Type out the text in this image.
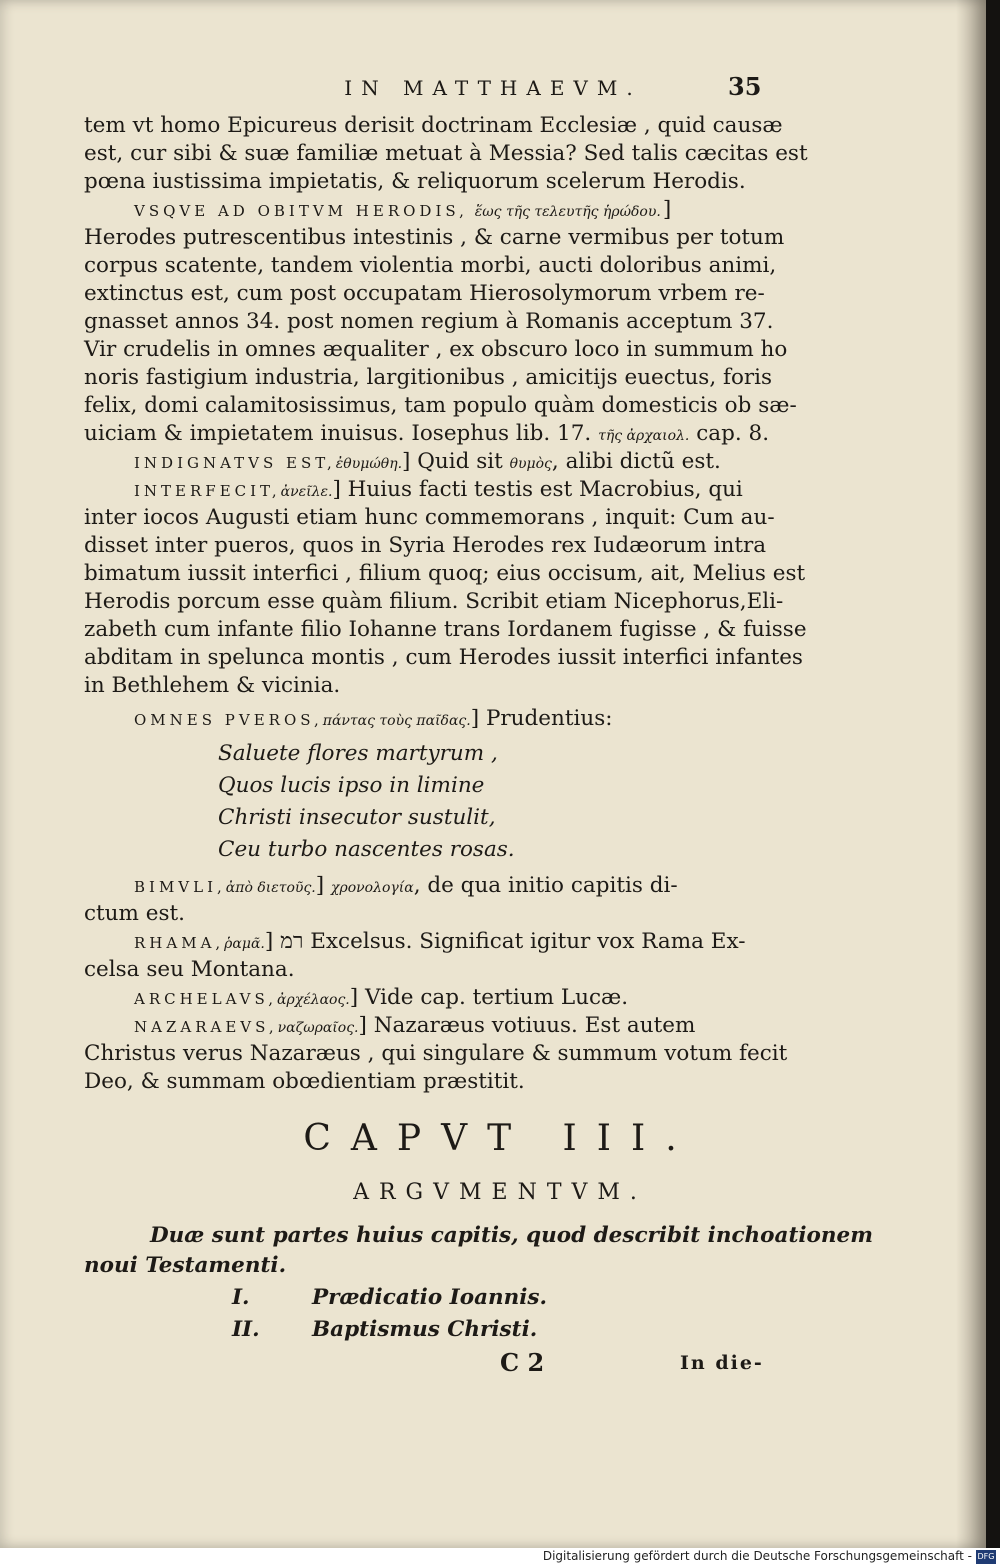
IN MATTHAEVM.	35
tem vt homo Epicureus derisit doctrinam Ecclesiæ , quid causæ
est, cur sibi & suæ familiæ metuat à Messia? Sed talis cæcitas est
pœna iustissima impietatis, & reliquorum scelerum Herodis.
VSQVE AD OBITVM HERODIS, ἕως τῆς τελευτῆς ἡρώδου.]
Herodes putrescentibus intestinis , & carne vermibus per totum
corpus scatente, tandem violentia morbi, aucti doloribus animi,
extinctus est, cum post occupatam Hierosolymorum vrbem re-
gnasset annos 34. post nomen regium à Romanis acceptum 37.
Vir crudelis in omnes æqualiter , ex obscuro loco in summum ho
noris fastigium industria, largitionibus , amicitijs euectus, foris
felix, domi calamitosissimus, tam populo quàm domesticis ob sæ-
uiciam & impietatem inuisus. Iosephus lib. 17. τῆς ἀρχαιολ. cap. 8.
INDIGNATVS EST,ἐθυμώθη.] Quid sit θυμὸς, alibi dictũ est.
INTERFECIT,ἀνεῖλε.] Huius facti testis est Macrobius, qui
inter iocos Augusti etiam hunc commemorans , inquit: Cum au-
disset inter pueros, quos in Syria Herodes rex Iudæorum intra
bimatum iussit interfici , filium quoq; eius occisum, ait, Melius est
Herodis porcum esse quàm filium. Scribit etiam Nicephorus,Eli-
zabeth cum infante filio Iohanne trans Iordanem fugisse , & fuisse
abditam in spelunca montis , cum Herodes iussit interfici infantes
in Bethlehem & vicinia.
OMNES PVEROS,πάντας τοὺς παῖδας.] Prudentius:
Saluete flores martyrum ,
Quos lucis ipso in limine
Christi insecutor sustulit,
Ceu turbo nascentes rosas.
BIMVLI,ἀπὸ διετοῦς.] χρονολογία, de qua initio capitis di-
ctum est.
RHAMA,ῥαμᾶ.] רמ Excelsus. Significat igitur vox Rama Ex-
celsa seu Montana.
ARCHELAVS,ἀρχέλαος.] Vide cap. tertium Lucæ.
NAZARAEVS,ναζωραῖος.] Nazaræus votiuus. Est autem
Christus verus Nazaræus , qui singulare & summum votum fecit
Deo, & summam obœdientiam præstitit.
CAPVT III.
ARGVMENTVM.
Duæ sunt partes huius capitis, quod describit inchoationem
noui Testamenti.
I.	Prædicatio Ioannis.
II. Baptismus Christi.
C 2	In die-
Digitalisierung gefördert durch die Deutsche Forschungsgemeinschaft - DFG
